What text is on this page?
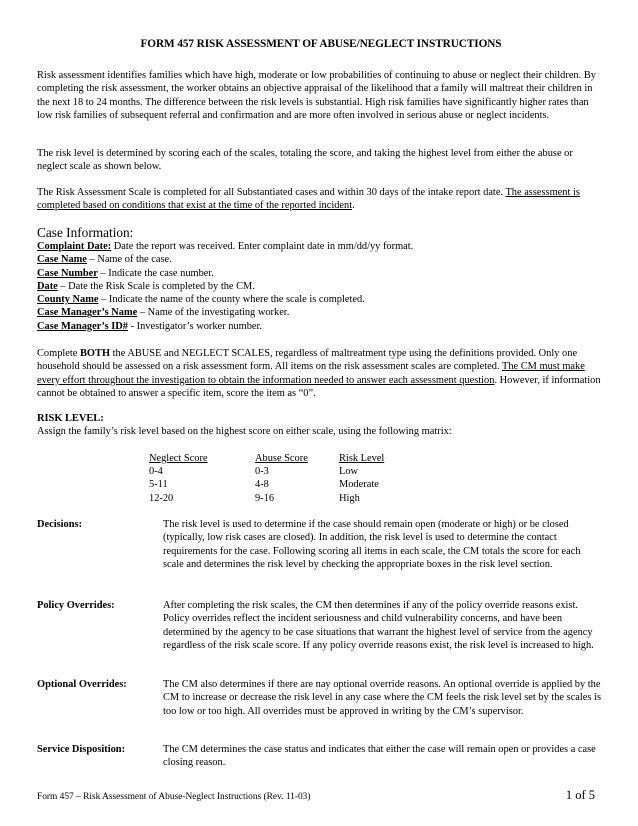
FORM 457 RISK ASSESSMENT OF ABUSE/NEGLECT INSTRUCTIONS

Risk assessment identifies families which have high, moderate or low probabilities of continuing to abuse or neglect their children. By completing the risk assessment, the worker obtains an objective appraisal of the likelihood that a family will maltreat their children in the next 18 to 24 months. The difference between the risk levels is substantial. High risk families have significantly higher rates than low risk families of subsequent referral and confirmation and are more often involved in serious abuse or neglect incidents.

The risk level is determined by scoring each of the scales, totaling the score, and taking the highest level from either the abuse or neglect scale as shown below.

The Risk Assessment Scale is completed for all Substantiated cases and within 30 days of the intake report date. The assessment is completed based on conditions that exist at the time of the reported incident.

Case Information:
Complaint Date: Date the report was received. Enter complaint date in mm/dd/yy format.
Case Name – Name of the case.
Case Number – Indicate the case number.
Date – Date the Risk Scale is completed by the CM.
County Name – Indicate the name of the county where the scale is completed.
Case Manager’s Name – Name of the investigating worker.
Case Manager’s ID# - Investigator’s worker number.

Complete BOTH the ABUSE and NEGLECT SCALES, regardless of maltreatment type using the definitions provided. Only one household should be assessed on a risk assessment form. All items on the risk assessment scales are completed. The CM must make every effort throughout the investigation to obtain the information needed to answer each assessment question. However, if information cannot be obtained to answer a specific item, score the item as “0”.

RISK LEVEL:
Assign the family’s risk level based on the highest score on either scale, using the following matrix:
Neglect Score	Abuse Score	Risk Level
0-4	0-3	Low
5-11	4-8	Moderate
12-20	9-16	High
Decisions:	The risk level is used to determine if the case should remain open (moderate or high) or be closed (typically, low risk cases are closed). In addition, the risk level is used to determine the contact requirements for the case. Following scoring all items in each scale, the CM totals the score for each scale and determines the risk level by checking the appropriate boxes in the risk level section.
Policy Overrides:	After completing the risk scales, the CM then determines if any of the policy override reasons exist. Policy overrides reflect the incident seriousness and child vulnerability concerns, and have been determined by the agency to be case situations that warrant the highest level of service from the agency regardless of the risk scale score. If any policy override reasons exist, the risk level is increased to high.
Optional Overrides:	The CM also determines if there are nay optional override reasons. An optional override is applied by the CM to increase or decrease the risk level in any case where the CM feels the risk level set by the scales is too low or too high. All overrides must be approved in writing by the CM’s supervisor.
Service Disposition:	The CM determines the case status and indicates that either the case will remain open or provides a case closing reason.
Form 457 – Risk Assessment of Abuse-Neglect Instructions (Rev. 11-03)	1 of 5
